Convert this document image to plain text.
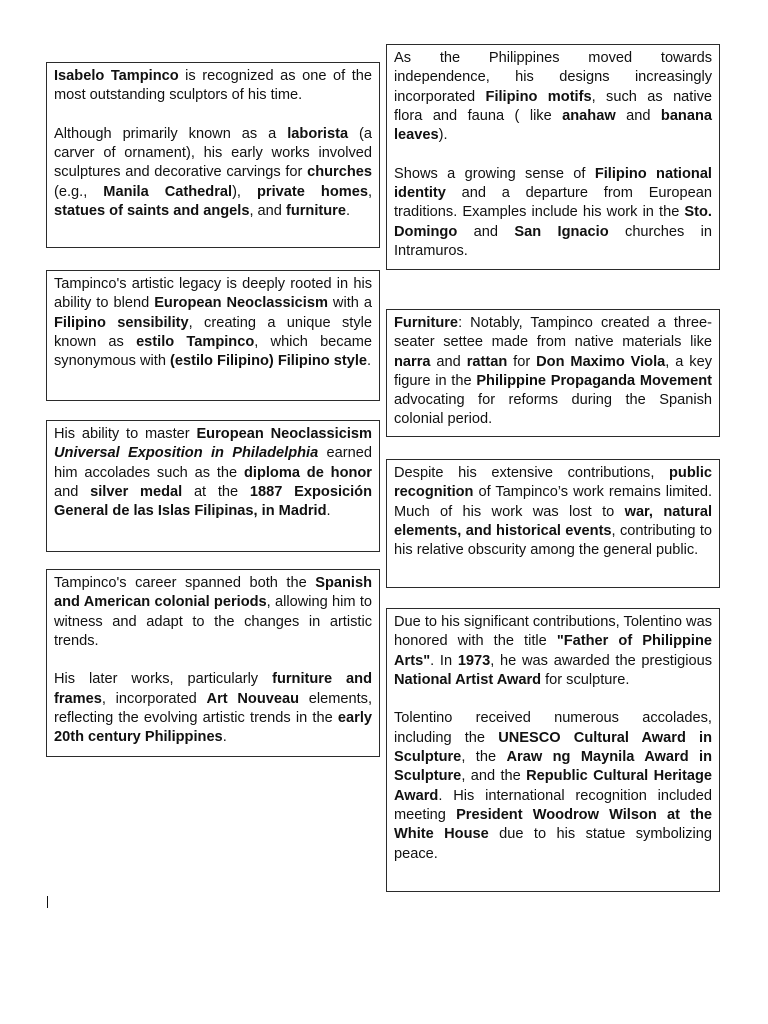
Isabelo Tampinco is recognized as one of the most outstanding sculptors of his time.

Although primarily known as a laborista (a carver of ornament), his early works involved sculptures and decorative carvings for churches (e.g., Manila Cathedral), private homes, statues of saints and angels, and furniture.

Tampinco's artistic legacy is deeply rooted in his ability to blend European Neoclassicism with a Filipino sensibility, creating a unique style known as estilo Tampinco, which became synonymous with (estilo Filipino) Filipino style.

His ability to master European Neoclassicism Universal Exposition in Philadelphia earned him accolades such as the diploma de honor and silver medal at the 1887 Exposición General de las Islas Filipinas, in Madrid.

Tampinco's career spanned both the Spanish and American colonial periods, allowing him to witness and adapt to the changes in artistic trends.

His later works, particularly furniture and frames, incorporated Art Nouveau elements, reflecting the evolving artistic trends in the early 20th century Philippines.

As the Philippines moved towards independence, his designs increasingly incorporated Filipino motifs, such as native flora and fauna ( like anahaw and banana leaves).

Shows a growing sense of Filipino national identity and a departure from European traditions. Examples include his work in the Sto. Domingo and San Ignacio churches in Intramuros.

Furniture: Notably, Tampinco created a three-seater settee made from native materials like narra and rattan for Don Maximo Viola, a key figure in the Philippine Propaganda Movement advocating for reforms during the Spanish colonial period.

Despite his extensive contributions, public recognition of Tampinco’s work remains limited. Much of his work was lost to war, natural elements, and historical events, contributing to his relative obscurity among the general public.

Due to his significant contributions, Tolentino was honored with the title "Father of Philippine Arts". In 1973, he was awarded the prestigious National Artist Award for sculpture.

Tolentino received numerous accolades, including the UNESCO Cultural Award in Sculpture, the Araw ng Maynila Award in Sculpture, and the Republic Cultural Heritage Award. His international recognition included meeting President Woodrow Wilson at the White House due to his statue symbolizing peace.
